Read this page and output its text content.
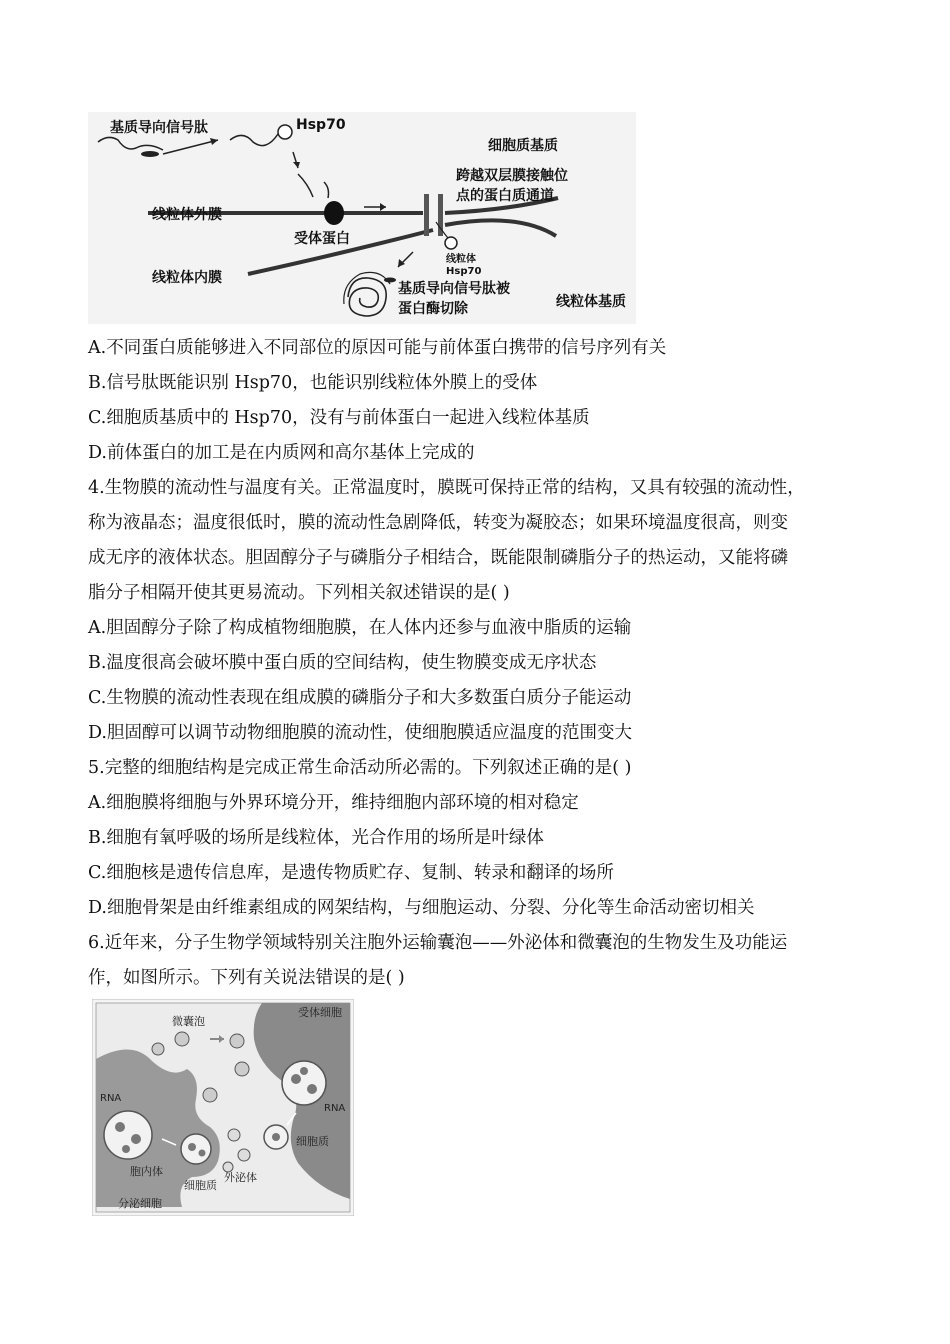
基质导向信号肽	Hsp70
细胞质基质
跨越双层膜接触位
点的蛋白质通道
线粒体外膜
受体蛋白
线粒体内膜
线粒体
Hsp70
基质导向信号肽被
蛋白酶切除	线粒体基质
A.不同蛋白质能够进入不同部位的原因可能与前体蛋白携带的信号序列有关
B.信号肽既能识别 Hsp70，也能识别线粒体外膜上的受体
C.细胞质基质中的 Hsp70，没有与前体蛋白一起进入线粒体基质
D.前体蛋白的加工是在内质网和高尔基体上完成的
4.生物膜的流动性与温度有关。正常温度时，膜既可保持正常的结构，又具有较强的流动性，
称为液晶态；温度很低时，膜的流动性急剧降低，转变为凝胶态；如果环境温度很高，则变
成无序的液体状态。胆固醇分子与磷脂分子相结合，既能限制磷脂分子的热运动，又能将磷
脂分子相隔开使其更易流动。下列相关叙述错误的是( )
A.胆固醇分子除了构成植物细胞膜，在人体内还参与血液中脂质的运输
B.温度很高会破坏膜中蛋白质的空间结构，使生物膜变成无序状态
C.生物膜的流动性表现在组成膜的磷脂分子和大多数蛋白质分子能运动
D.胆固醇可以调节动物细胞膜的流动性，使细胞膜适应温度的范围变大
5.完整的细胞结构是完成正常生命活动所必需的。下列叙述正确的是( )
A.细胞膜将细胞与外界环境分开，维持细胞内部环境的相对稳定
B.细胞有氧呼吸的场所是线粒体，光合作用的场所是叶绿体
C.细胞核是遗传信息库，是遗传物质贮存、复制、转录和翻译的场所
D.细胞骨架是由纤维素组成的网架结构，与细胞运动、分裂、分化等生命活动密切相关
6.近年来，分子生物学领域特别关注胞外运输囊泡——外泌体和微囊泡的生物发生及功能运
作，如图所示。下列有关说法错误的是( )
微囊泡
受体细胞
RNA
RNA
细胞质
胞内体
细胞质
外泌体
分泌细胞
